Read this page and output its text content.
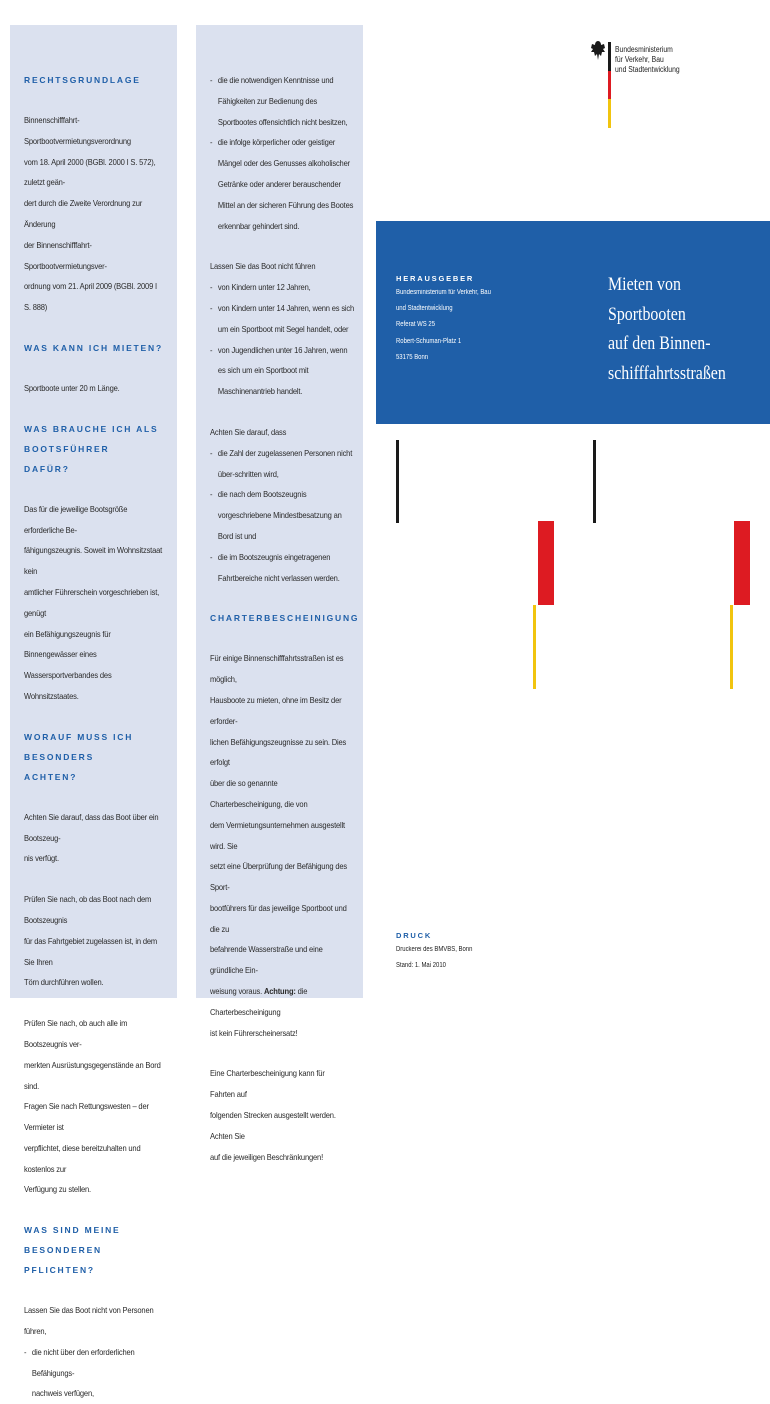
RECHTSGRUNDLAGE

Binnenschifffahrt-Sportbootvermietungsverordnung
vom 18. April 2000 (BGBl. 2000 I S. 572), zuletzt geän-
dert durch die Zweite Verordnung zur Änderung
der Binnenschifffahrt-Sportbootvermietungsver-
ordnung vom 21. April 2009 (BGBl. 2009 I S. 888)

WAS KANN ICH MIETEN?

Sportboote unter 20 m Länge.

WAS BRAUCHE ICH ALS BOOTSFÜHRER
DAFÜR?

Das für die jeweilige Bootsgröße erforderliche Be-
fähigungszeugnis. Soweit im Wohnsitzstaat kein
amtlicher Führerschein vorgeschrieben ist, genügt
ein Befähigungszeugnis für Binnengewässer eines
Wassersportverbandes des Wohnsitzstaates.

WORAUF MUSS ICH BESONDERS
ACHTEN?

Achten Sie darauf, dass das Boot über ein Bootszeug-
nis verfügt.

Prüfen Sie nach, ob das Boot nach dem Bootszeugnis
für das Fahrtgebiet zugelassen ist, in dem Sie Ihren
Törn durchführen wollen.

Prüfen Sie nach, ob auch alle im Bootszeugnis ver-
merkten Ausrüstungsgegenstände an Bord sind.
Fragen Sie nach Rettungswesten – der Vermieter ist
verpflichtet, diese bereitzuhalten und kostenlos zur
Verfügung zu stellen.

WAS SIND MEINE BESONDEREN
PFLICHTEN?

Lassen Sie das Boot nicht von Personen führen,

- die nicht über den erforderlichen Befähigungs-
nachweis verfügen,
- die die notwendigen Kenntnisse und Fähigkeiten zur Bedienung des Sportbootes offensichtlich nicht besitzen,
- die infolge körperlicher oder geistiger Mängel oder des Genusses alkoholischer Getränke oder anderer berauschender Mittel an der sicheren Führung des Bootes erkennbar gehindert sind.

Lassen Sie das Boot nicht führen

- von Kindern unter 12 Jahren,
- von Kindern unter 14 Jahren, wenn es sich um ein Sportboot mit Segel handelt, oder
- von Jugendlichen unter 16 Jahren, wenn es sich um ein Sportboot mit Maschinenantrieb handelt.

Achten Sie darauf, dass

- die Zahl der zugelassenen Personen nicht über-schritten wird,
- die nach dem Bootszeugnis vorgeschriebene Mindestbesatzung an Bord ist und
- die im Bootszeugnis eingetragenen Fahrtbereiche nicht verlassen werden.

CHARTERBESCHEINIGUNG

Für einige Binnenschifffahrtsstraßen ist es möglich,
Hausboote zu mieten, ohne im Besitz der erforder-
lichen Befähigungszeugnisse zu sein. Dies erfolgt
über die so genannte Charterbescheinigung, die von
dem Vermietungsunternehmen ausgestellt wird. Sie
setzt eine Überprüfung der Befähigung des Sport-
bootführers für das jeweilige Sportboot und die zu
befahrende Wasserstraße und eine gründliche Ein-
weisung voraus. Achtung: die Charterbescheinigung
ist kein Führerscheinersatz!

Eine Charterbescheinigung kann für Fahrten auf
folgenden Strecken ausgestellt werden. Achten Sie
auf die jeweiligen Beschränkungen!

Bundesministerium
für Verkehr, Bau
und Stadtentwicklung

HERAUSGEBER

Bundesministerium für Verkehr, Bau
und Stadtentwicklung
Referat WS 25
Robert-Schuman-Platz 1
53175 Bonn
Mieten von Sportbooten
auf den Binnen-
schifffahrtsstraßen

DRUCK

Druckerei des BMVBS, Bonn
Stand: 1. Mai 2010
